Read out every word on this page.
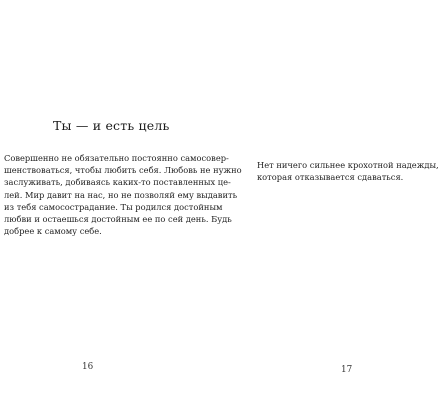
Ты — и есть цель

Совершенно не обязательно постоянно самосовер-
шенствоваться, чтобы любить себя. Любовь не нужно
заслуживать, добиваясь каких-то поставленных це-
лей. Мир давит на нас, но не позволяй ему выдавить
из тебя самосострадание. Ты родился достойным
любви и остаешься достойным ее по сей день. Будь
добрее к самому себе.

16

Нет ничего сильнее крохотной надежды,
которая отказывается сдаваться.

17
